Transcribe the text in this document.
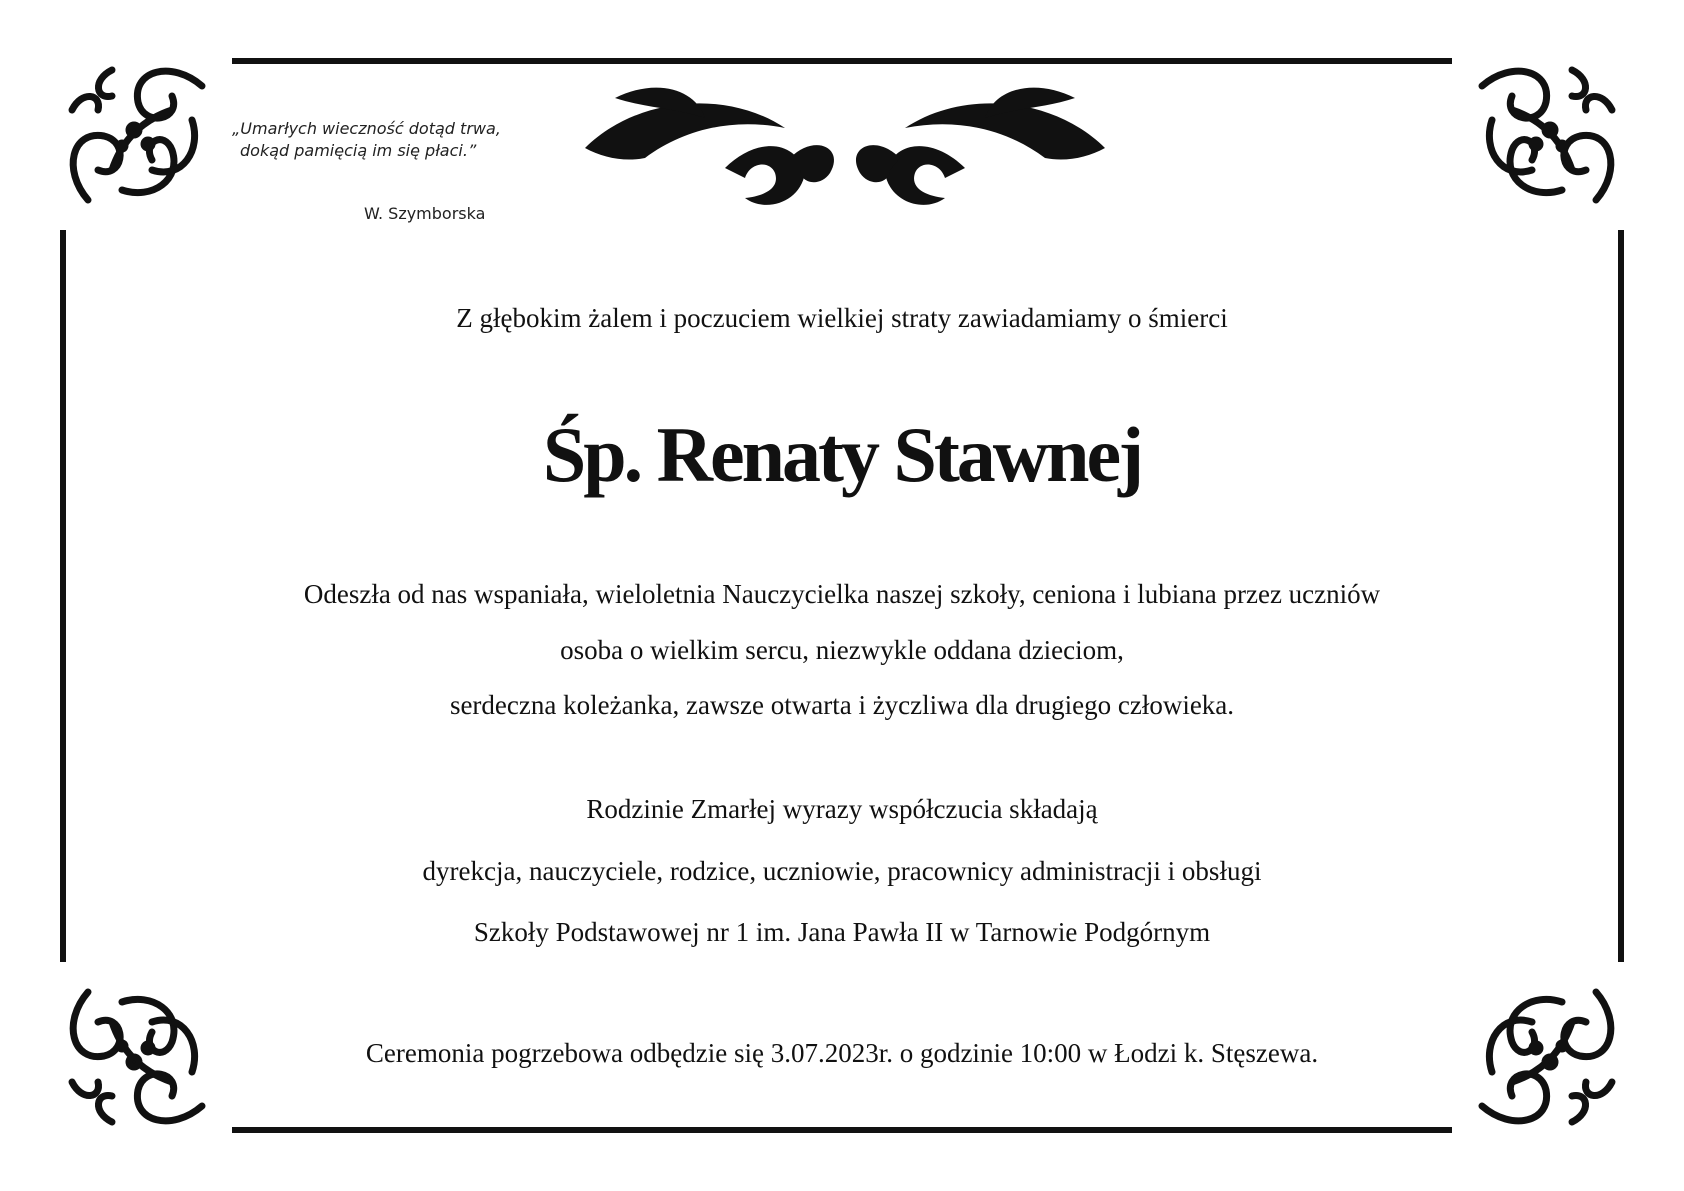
„Umarłych wieczność dotąd trwa,
dokąd pamięcią im się płaci.”
W. Szymborska
Z głębokim żalem i poczuciem wielkiej straty zawiadamiamy o śmierci
Śp. Renaty Stawnej
Odeszła od nas wspaniała, wieloletnia Nauczycielka naszej szkoły, ceniona i lubiana przez uczniów
osoba o wielkim sercu, niezwykle oddana dzieciom,
serdeczna koleżanka, zawsze otwarta i życzliwa dla drugiego człowieka.
Rodzinie Zmarłej wyrazy współczucia składają
dyrekcja, nauczyciele, rodzice, uczniowie, pracownicy administracji i obsługi
Szkoły Podstawowej nr 1 im. Jana Pawła II w Tarnowie Podgórnym
Ceremonia pogrzebowa odbędzie się 3.07.2023r. o godzinie 10:00 w Łodzi k. Stęszewa.
